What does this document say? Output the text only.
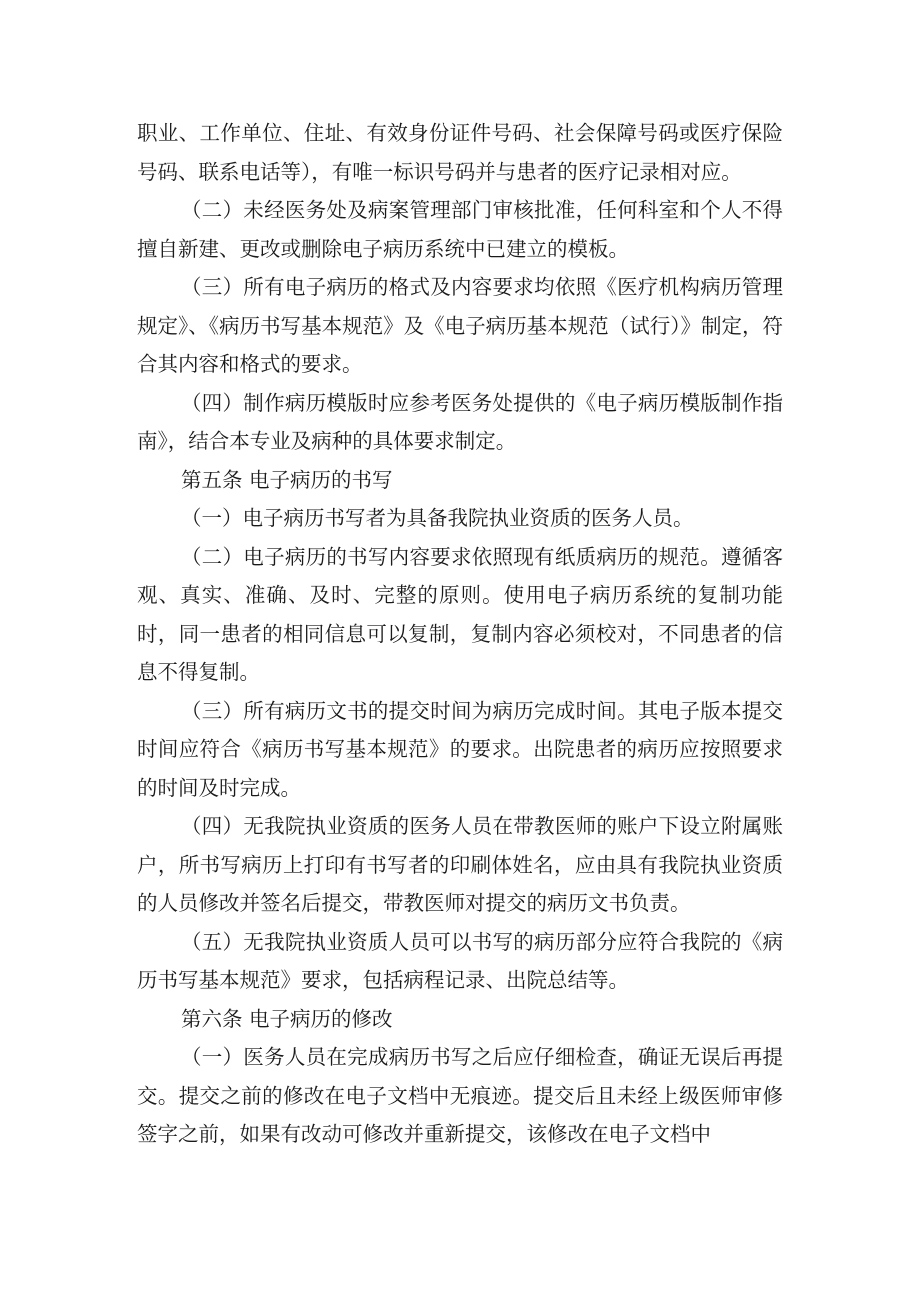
职业、工作单位、住址、有效身份证件号码、社会保障号码或医疗保险号码、联系电话等），有唯一标识号码并与患者的医疗记录相对应。

（二）未经医务处及病案管理部门审核批准，任何科室和个人不得擅自新建、更改或删除电子病历系统中已建立的模板。

（三）所有电子病历的格式及内容要求均依照《医疗机构病历管理规定》、《病历书写基本规范》及《电子病历基本规范（试行）》制定，符合其内容和格式的要求。

（四）制作病历模版时应参考医务处提供的《电子病历模版制作指南》，结合本专业及病种的具体要求制定。

第五条 电子病历的书写

（一）电子病历书写者为具备我院执业资质的医务人员。

（二）电子病历的书写内容要求依照现有纸质病历的规范。遵循客观、真实、准确、及时、完整的原则。使用电子病历系统的复制功能时，同一患者的相同信息可以复制，复制内容必须校对，不同患者的信息不得复制。

（三）所有病历文书的提交时间为病历完成时间。其电子版本提交时间应符合《病历书写基本规范》的要求。出院患者的病历应按照要求的时间及时完成。

（四）无我院执业资质的医务人员在带教医师的账户下设立附属账户，所书写病历上打印有书写者的印刷体姓名，应由具有我院执业资质的人员修改并签名后提交，带教医师对提交的病历文书负责。

（五）无我院执业资质人员可以书写的病历部分应符合我院的《病历书写基本规范》要求，包括病程记录、出院总结等。

第六条 电子病历的修改

（一）医务人员在完成病历书写之后应仔细检查，确证无误后再提交。提交之前的修改在电子文档中无痕迹。提交后且未经上级医师审修签字之前，如果有改动可修改并重新提交，该修改在电子文档中
